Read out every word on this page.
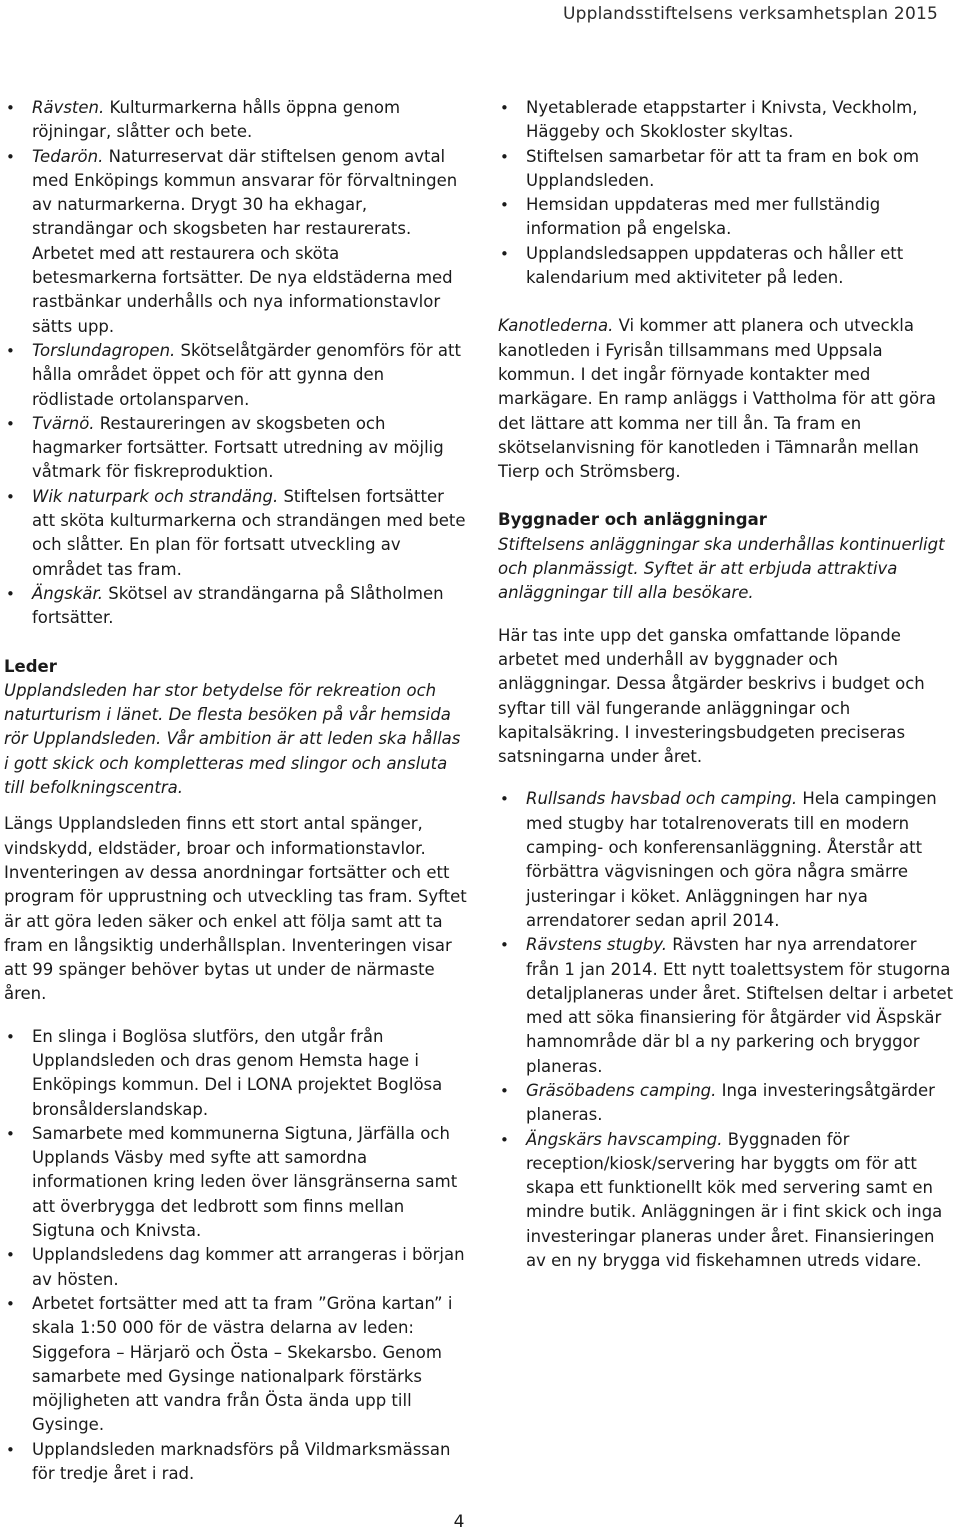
Upplandsstiftelsens verksamhetsplan 2015
• Rävsten. Kulturmarkerna hålls öppna genom röjningar, slåtter och bete.
• Tedarön. Naturreservat där stiftelsen genom avtal med Enköpings kommun ansvarar för förvaltningen av naturmarkerna. Drygt 30 ha ekhagar, strandängar och skogsbeten har restaurerats. Arbetet med att restaurera och sköta betesmarkerna fortsätter. De nya eldstäderna med rastbänkar underhålls och nya informationstavlor sätts upp.
• Torslundagropen. Skötselåtgärder genomförs för att hålla området öppet och för att gynna den rödlistade ortolansparven.
• Tvärnö. Restaureringen av skogsbeten och hagmarker fortsätter. Fortsatt utredning av möjlig våtmark för fiskreproduktion.
• Wik naturpark och strandäng. Stiftelsen fortsätter att sköta kulturmarkerna och strandängen med bete och slåtter. En plan för fortsatt utveckling av området tas fram.
• Ängskär. Skötsel av strandängarna på Slåtholmen fortsätter.
Leder

Upplandsleden har stor betydelse för rekreation och naturturism i länet. De flesta besöken på vår hemsida rör Upplandsleden. Vår ambition är att leden ska hållas i gott skick och kompletteras med slingor och ansluta till befolkningscentra.

Längs Upplandsleden finns ett stort antal spänger, vindskydd, eldstäder, broar och informationstavlor. Inventeringen av dessa anordningar fortsätter och ett program för upprustning och utveckling tas fram. Syftet är att göra leden säker och enkel att följa samt att ta fram en långsiktig underhållsplan. Inventeringen visar att 99 spänger behöver bytas ut under de närmaste åren.

• En slinga i Boglösa slutförs, den utgår från Upplandsleden och dras genom Hemsta hage i Enköpings kommun. Del i LONA projektet Boglösa bronsålderslandskap.
• Samarbete med kommunerna Sigtuna, Järfälla och Upplands Väsby med syfte att samordna informationen kring leden över länsgränserna samt att överbrygga det ledbrott som finns mellan Sigtuna och Knivsta.
• Upplandsledens dag kommer att arrangeras i början av hösten.
• Arbetet fortsätter med att ta fram ”Gröna kartan” i skala 1:50 000 för de västra delarna av leden: Siggefora – Härjarö och Östa – Skekarsbo. Genom samarbete med Gysinge nationalpark förstärks möjligheten att vandra från Östa ända upp till Gysinge.
• Upplandsleden marknadsförs på Vildmarksmässan för tredje året i rad.
• Nyetablerade etappstarter i Knivsta, Veckholm, Häggeby och Skokloster skyltas.
• Stiftelsen samarbetar för att ta fram en bok om Upplandsleden.
• Hemsidan uppdateras med mer fullständig information på engelska.
• Upplandsledsappen uppdateras och håller ett kalendarium med aktiviteter på leden.

Kanotlederna. Vi kommer att planera och utveckla kanotleden i Fyrisån tillsammans med Uppsala kommun. I det ingår förnyade kontakter med markägare. En ramp anläggs i Vattholma för att göra det lättare att komma ner till ån. Ta fram en skötselanvisning för kanotleden i Tämnarån mellan Tierp och Strömsberg.

Byggnader och anläggningar

Stiftelsens anläggningar ska underhållas kontinuerligt och planmässigt. Syftet är att erbjuda attraktiva anläggningar till alla besökare.

Här tas inte upp det ganska omfattande löpande arbetet med underhåll av byggnader och anläggningar. Dessa åtgärder beskrivs i budget och syftar till väl fungerande anläggningar och kapitalsäkring. I investeringsbudgeten preciseras satsningarna under året.

• Rullsands havsbad och camping. Hela campingen med stugby har totalrenoverats till en modern camping- och konferensanläggning. Återstår att förbättra vägvisningen och göra några smärre justeringar i köket. Anläggningen har nya arrendatorer sedan april 2014.
• Rävstens stugby. Rävsten har nya arrendatorer från 1 jan 2014. Ett nytt toalettsystem för stugorna detaljplaneras under året. Stiftelsen deltar i arbetet med att söka finansiering för åtgärder vid Äspskär hamnområde där bl a ny parkering och bryggor planeras.
• Gräsöbadens camping. Inga investeringsåtgärder planeras.
• Ängskärs havscamping. Byggnaden för reception/kiosk/servering har byggts om för att skapa ett funktionellt kök med servering samt en mindre butik. Anläggningen är i fint skick och inga investeringar planeras under året. Finansieringen av en ny brygga vid fiskehamnen utreds vidare.
4
